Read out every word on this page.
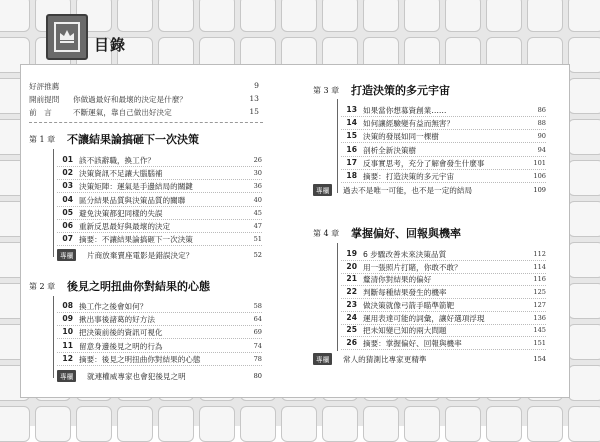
目錄
好評推薦	9
開前提問 你做過最好和最壞的決定是什麼？	13
前　言	不斷運氣，靠自己做出好決定	15
第 1 章 不讓結果論搞砸下一次決策
01 該不該辭職，換工作？	26
02 決策資訊不足讓大腦腦補	30
03 決策矩陣：運氣是手邊結局的關鍵	36
04 區分結果品質與決策品質的關聯	40
05 避免決策都犯同樣的失誤	45
06 重新反思最好與最壞的決定	47
07 摘要：不讓結果論搞砸下一次決策	51
專欄	片商放棄賣座電影是錯誤決定？	52
第 2 章 後見之明扭曲你對結果的心態
08 換工作之後會如何？	58
09 揪出事後諸葛的好方法	64
10 把決策前後的資訊可視化	69
11 留意身邊後見之明的行為	74
12 摘要：後見之明扭曲你對結果的心態	78
專欄	就連權威專家也會犯後見之明	80
第 3 章 打造決策的多元宇宙
13 如果當你想募資創業……	86
14 如何讓經驗變有益而無害？	88
15 決策的發展如同一棵樹	90
16 剖析全新決策樹	94
17 反事實思考，充分了解會發生什麼事	101
18 摘要：打造決策的多元宇宙	106
專欄	過去不是唯一可能，也不是一定的結局	109
第 4 章 掌握偏好、回報與機率
19 6 步驟改善未來決策品質	112
20 用一張照片打賭，你敢不敢？	114
21 釐清你對結果的偏好	116
22 判斷每種結果發生的機率	125
23 做決策就像弓箭手瞄準箭靶	127
24 運用表達可能的詞彙，讓好選項浮現	136
25 把未知變已知的兩大問題	145
26 摘要：掌握偏好、回報與機率	151
專欄	常人的猜測比專家更精準	154
